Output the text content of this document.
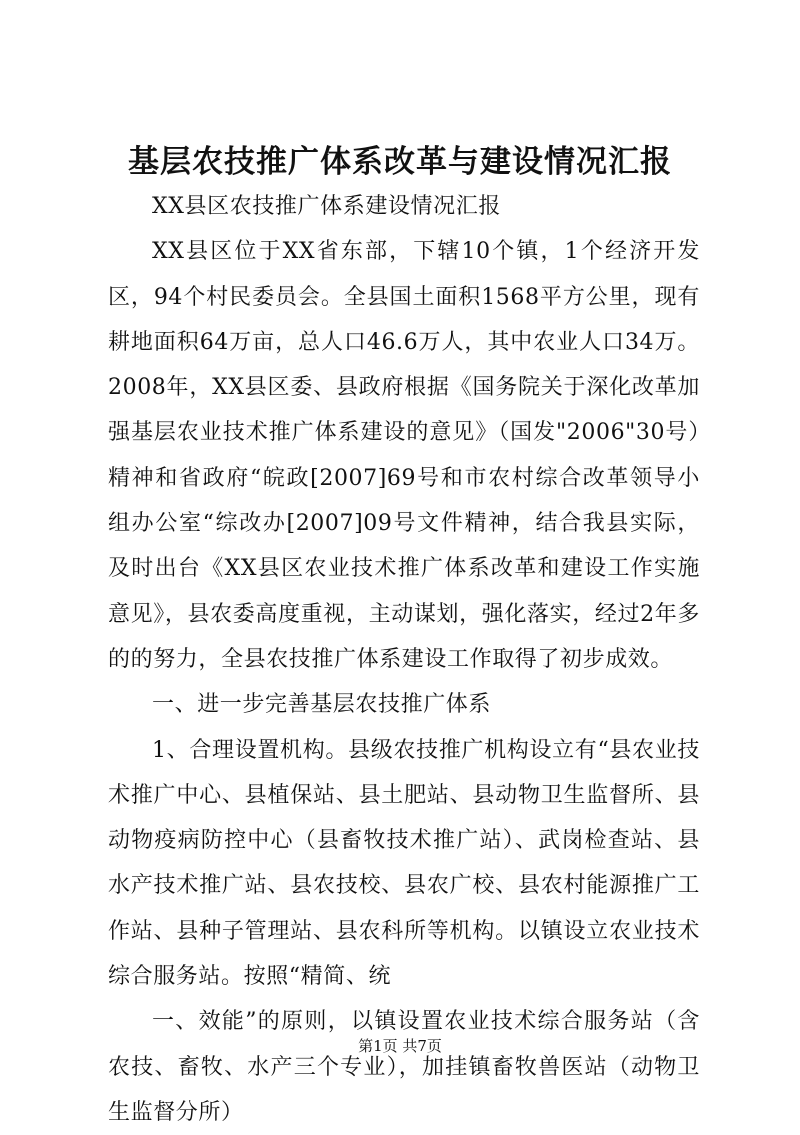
基层农技推广体系改革与建设情况汇报

XX县区农技推广体系建设情况汇报

XX县区位于XX省东部，下辖10个镇，1个经济开发区，94个村民委员会。全县国土面积1568平方公里，现有耕地面积64万亩，总人口46.6万人，其中农业人口34万。2008年，XX县区委、县政府根据《国务院关于深化改革加强基层农业技术推广体系建设的意见》（国发"2006"30号）精神和省政府“皖政[2007]69号和市农村综合改革领导小组办公室“综改办[2007]09号文件精神，结合我县实际，及时出台《XX县区农业技术推广体系改革和建设工作实施意见》，县农委高度重视，主动谋划，强化落实，经过2年多的的努力，全县农技推广体系建设工作取得了初步成效。

一、进一步完善基层农技推广体系

1、合理设置机构。县级农技推广机构设立有“县农业技术推广中心、县植保站、县土肥站、县动物卫生监督所、县动物疫病防控中心（县畜牧技术推广站）、武岗检查站、县水产技术推广站、县农技校、县农广校、县农村能源推广工作站、县种子管理站、县农科所等机构。以镇设立农业技术综合服务站。按照“精简、统

一、效能”的原则，以镇设置农业技术综合服务站（含农技、畜牧、水产三个专业），加挂镇畜牧兽医站（动物卫生监督分所）

第1页 共7页
